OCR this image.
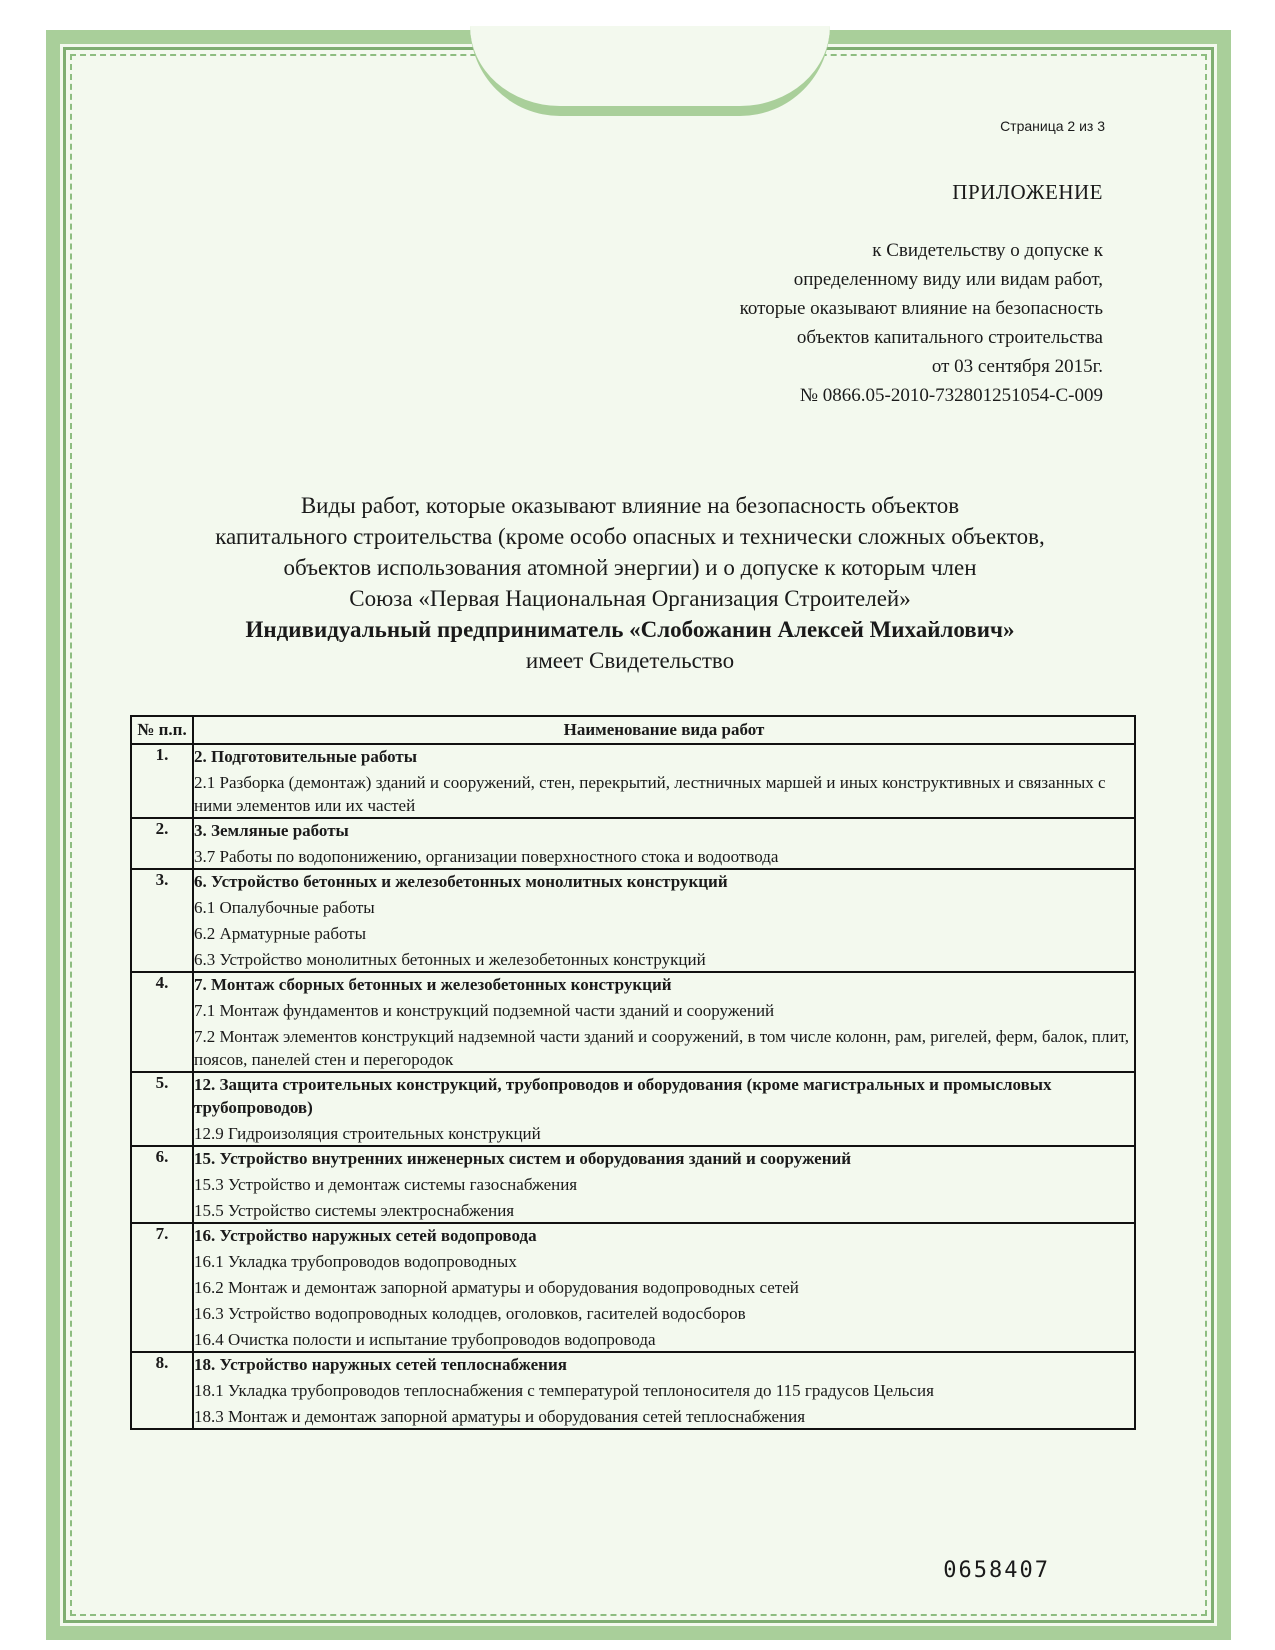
Страница 2 из 3
ПРИЛОЖЕНИЕ
к Свидетельству о допуске к
определенному виду или видам работ,
которые оказывают влияние на безопасность
объектов капитального строительства
от 03 сентября 2015г.
№ 0866.05-2010-732801251054-С-009
Виды работ, которые оказывают влияние на безопасность объектов
капитального строительства (кроме особо опасных и технически сложных объектов,
объектов использования атомной энергии) и о допуске к которым член
Союза «Первая Национальная Организация Строителей»
Индивидуальный предприниматель «Слобожанин Алексей Михайлович»
имеет Свидетельство
№ п.п.	Наименование вида работ
1.	2. Подготовительные работы
2.1 Разборка (демонтаж) зданий и сооружений, стен, перекрытий, лестничных маршей и иных конструктивных и связанных с ними элементов или их частей

2.	3. Земляные работы
3.7 Работы по водопонижению, организации поверхностного стока и водоотвода

3.	6. Устройство бетонных и железобетонных монолитных конструкций
6.1 Опалубочные работы
6.2 Арматурные работы
6.3 Устройство монолитных бетонных и железобетонных конструкций

4.	7. Монтаж сборных бетонных и железобетонных конструкций
7.1 Монтаж фундаментов и конструкций подземной части зданий и сооружений
7.2 Монтаж элементов конструкций надземной части зданий и сооружений, в том числе колонн, рам, ригелей, ферм, балок, плит, поясов, панелей стен и перегородок

5.	12. Защита строительных конструкций, трубопроводов и оборудования (кроме магистральных и промысловых трубопроводов)
12.9 Гидроизоляция строительных конструкций

6.	15. Устройство внутренних инженерных систем и оборудования зданий и сооружений
15.3 Устройство и демонтаж системы газоснабжения
15.5 Устройство системы электроснабжения

7.	16. Устройство наружных сетей водопровода
16.1 Укладка трубопроводов водопроводных
16.2 Монтаж и демонтаж запорной арматуры и оборудования водопроводных сетей
16.3 Устройство водопроводных колодцев, оголовков, гасителей водосборов
16.4 Очистка полости и испытание трубопроводов водопровода

8.	18. Устройство наружных сетей теплоснабжения
18.1 Укладка трубопроводов теплоснабжения с температурой теплоносителя до 115 градусов Цельсия
18.3 Монтаж и демонтаж запорной арматуры и оборудования сетей теплоснабжения
0658407
